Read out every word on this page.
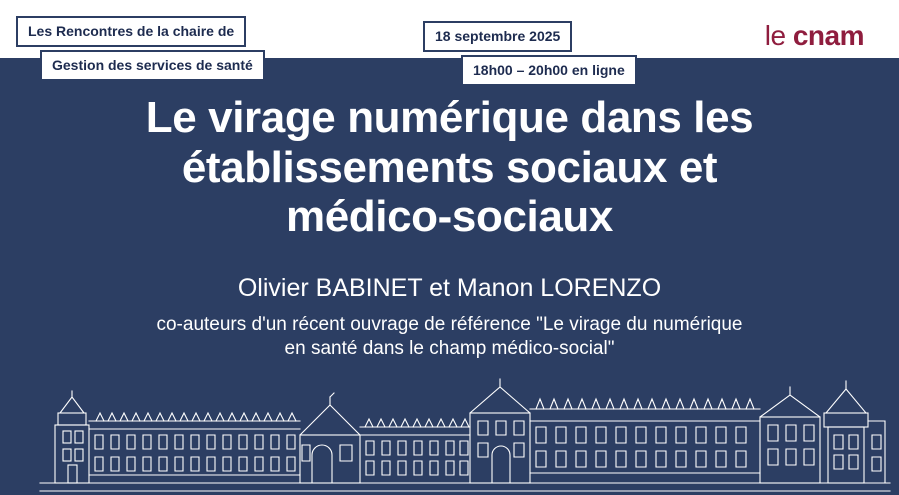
Les Rencontres de la chaire de
Gestion des services de santé
18 septembre 2025
18h00 – 20h00 en ligne
le cnam
Le virage numérique dans les
établissements sociaux et
médico-sociaux
Olivier BABINET et Manon LORENZO
co-auteurs d'un récent ouvrage de référence "Le virage du numérique
en santé dans le champ médico-social"
